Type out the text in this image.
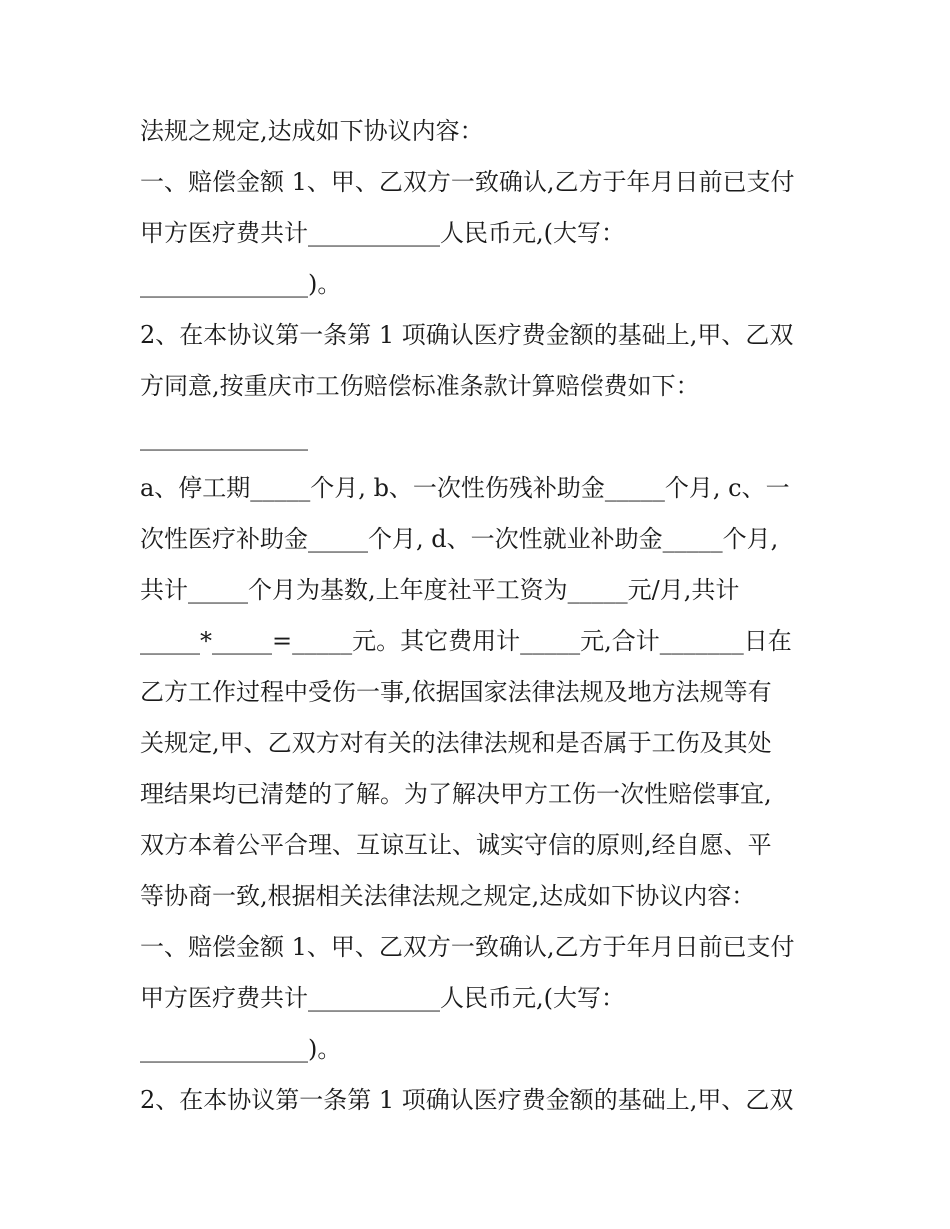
法规之规定,达成如下协议内容：
一、赔偿金额 1、甲、乙双方一致确认,乙方于年月日前已支付
甲方医疗费共计___________人民币元,(大写：
______________)。
2、在本协议第一条第 1 项确认医疗费金额的基础上,甲、乙双
方同意,按重庆市工伤赔偿标准条款计算赔偿费如下：
______________
a、停工期_____个月, b、一次性伤残补助金_____个月, c、一
次性医疗补助金_____个月, d、一次性就业补助金_____个月,
共计_____个月为基数,上年度社平工资为_____元/月,共计
_____*_____=_____元。其它费用计_____元,合计_______日在
乙方工作过程中受伤一事,依据国家法律法规及地方法规等有
关规定,甲、乙双方对有关的法律法规和是否属于工伤及其处
理结果均已清楚的了解。为了解决甲方工伤一次性赔偿事宜,
双方本着公平合理、互谅互让、诚实守信的原则,经自愿、平
等协商一致,根据相关法律法规之规定,达成如下协议内容：
一、赔偿金额 1、甲、乙双方一致确认,乙方于年月日前已支付
甲方医疗费共计___________人民币元,(大写：
______________)。
2、在本协议第一条第 1 项确认医疗费金额的基础上,甲、乙双
